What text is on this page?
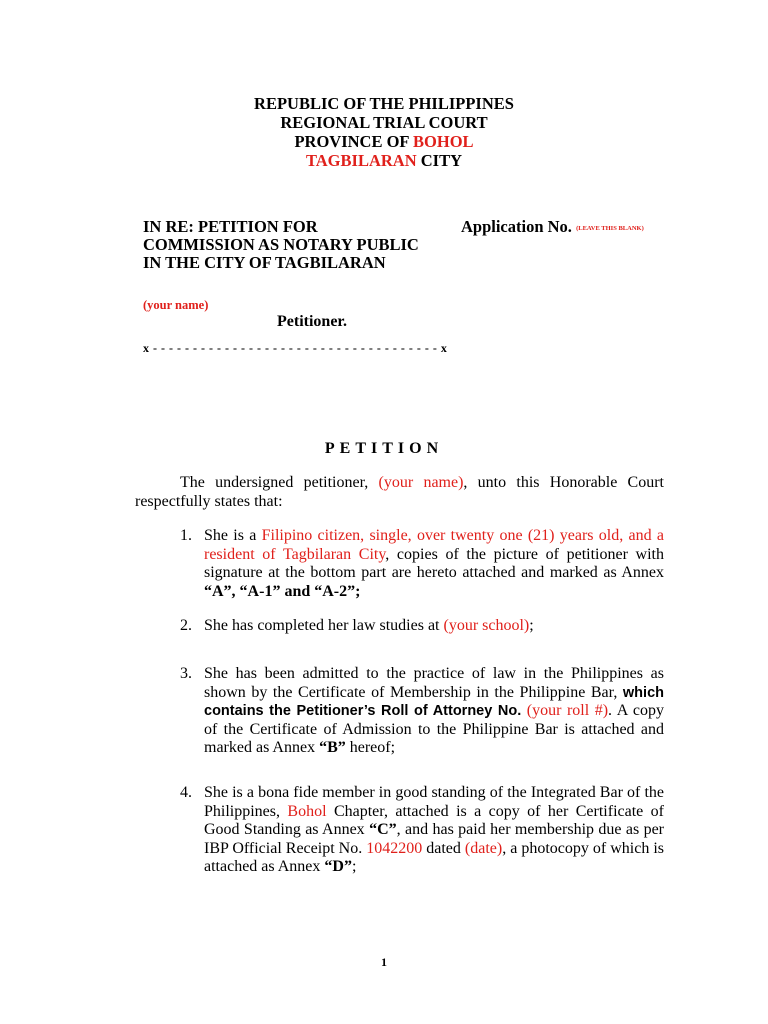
REPUBLIC OF THE PHILIPPINES
REGIONAL TRIAL COURT
PROVINCE OF BOHOL
TAGBILARAN CITY
IN RE: PETITION FOR
COMMISSION AS NOTARY PUBLIC
IN THE CITY OF TAGBILARAN
Application No. (LEAVE THIS BLANK)
(your name)
Petitioner.
x - - - - - - - - - - - - - - - - - - - - - - - - - - - - - - - - - - - - x
PETITION
The undersigned petitioner, (your name), unto this Honorable Court respectfully states that:
1. She is a Filipino citizen, single, over twenty one (21) years old, and a resident of Tagbilaran City, copies of the picture of petitioner with signature at the bottom part are hereto attached and marked as Annex “A”, “A-1” and “A-2”;
2. She has completed her law studies at (your school);
3. She has been admitted to the practice of law in the Philippines as shown by the Certificate of Membership in the Philippine Bar, which contains the Petitioner’s Roll of Attorney No. (your roll #). A copy of the Certificate of Admission to the Philippine Bar is attached and marked as Annex “B” hereof;
4. She is a bona fide member in good standing of the Integrated Bar of the Philippines, Bohol Chapter, attached is a copy of her Certificate of Good Standing as Annex “C”, and has paid her membership due as per IBP Official Receipt No. 1042200 dated (date), a photocopy of which is attached as Annex “D”;
1
